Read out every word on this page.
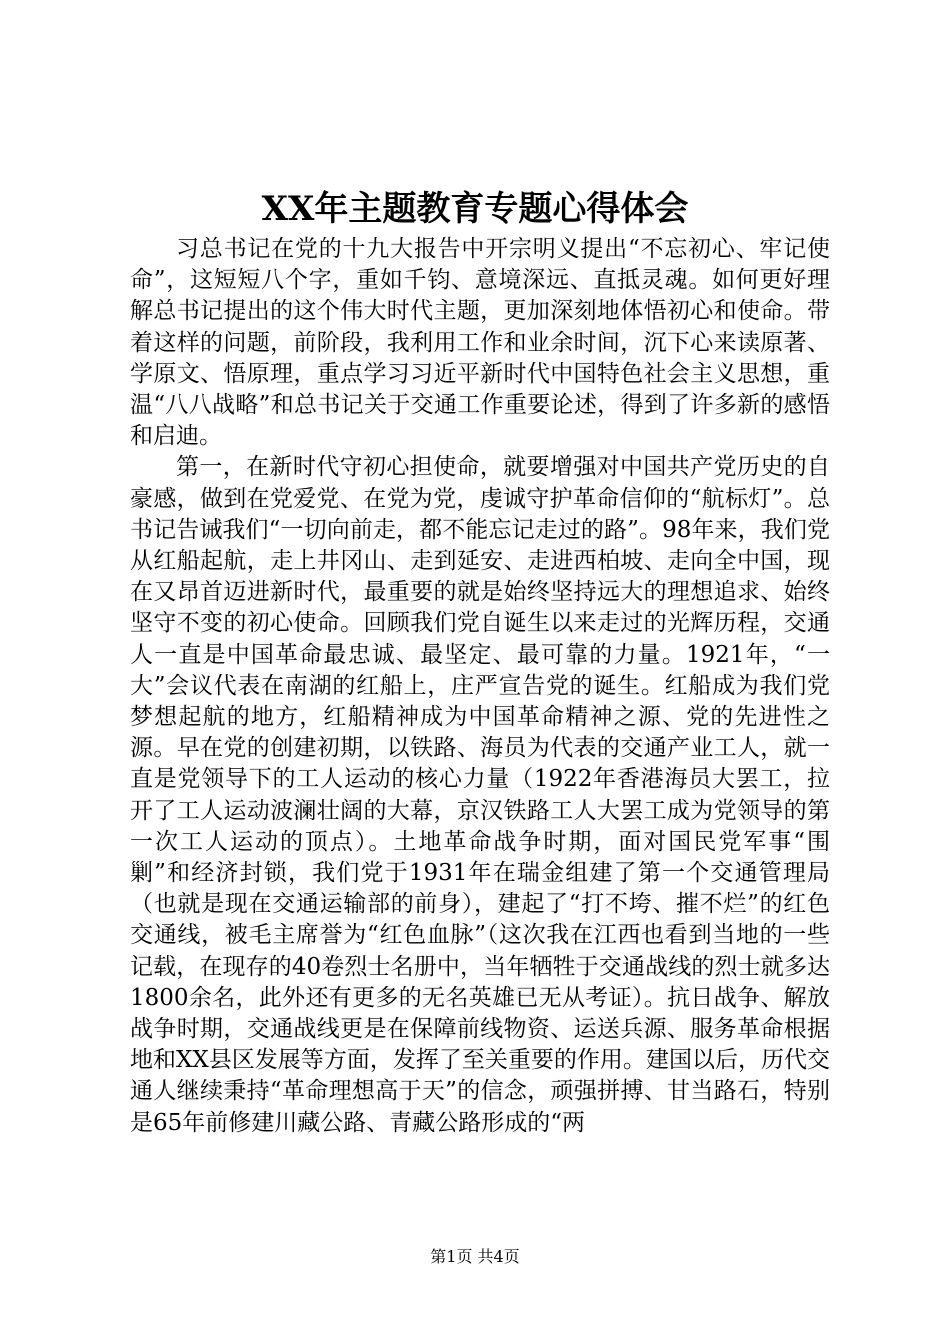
XX年主题教育专题心得体会

习总书记在党的十九大报告中开宗明义提出“不忘初心、牢记使命”，这短短八个字，重如千钧、意境深远、直抵灵魂。如何更好理解总书记提出的这个伟大时代主题，更加深刻地体悟初心和使命。带着这样的问题，前阶段，我利用工作和业余时间，沉下心来读原著、学原文、悟原理，重点学习习近平新时代中国特色社会主义思想，重温“八八战略”和总书记关于交通工作重要论述，得到了许多新的感悟和启迪。

第一，在新时代守初心担使命，就要增强对中国共产党历史的自豪感，做到在党爱党、在党为党，虔诚守护革命信仰的“航标灯”。总书记告诫我们“一切向前走，都不能忘记走过的路”。98年来，我们党从红船起航，走上井冈山、走到延安、走进西柏坡、走向全中国，现在又昂首迈进新时代，最重要的就是始终坚持远大的理想追求、始终坚守不变的初心使命。回顾我们党自诞生以来走过的光辉历程，交通人一直是中国革命最忠诚、最坚定、最可靠的力量。1921年，“一大”会议代表在南湖的红船上，庄严宣告党的诞生。红船成为我们党梦想起航的地方，红船精神成为中国革命精神之源、党的先进性之源。早在党的创建初期，以铁路、海员为代表的交通产业工人，就一直是党领导下的工人运动的核心力量（1922年香港海员大罢工，拉开了工人运动波澜壮阔的大幕，京汉铁路工人大罢工成为党领导的第一次工人运动的顶点）。土地革命战争时期，面对国民党军事“围剿”和经济封锁，我们党于1931年在瑞金组建了第一个交通管理局（也就是现在交通运输部的前身），建起了“打不垮、摧不烂”的红色交通线，被毛主席誉为“红色血脉”（这次我在江西也看到当地的一些记载，在现存的40卷烈士名册中，当年牺牲于交通战线的烈士就多达1800余名，此外还有更多的无名英雄已无从考证）。抗日战争、解放战争时期，交通战线更是在保障前线物资、运送兵源、服务革命根据地和XX县区发展等方面，发挥了至关重要的作用。建国以后，历代交通人继续秉持“革命理想高于天”的信念，顽强拼搏、甘当路石，特别是65年前修建川藏公路、青藏公路形成的“两

第1页 共4页
